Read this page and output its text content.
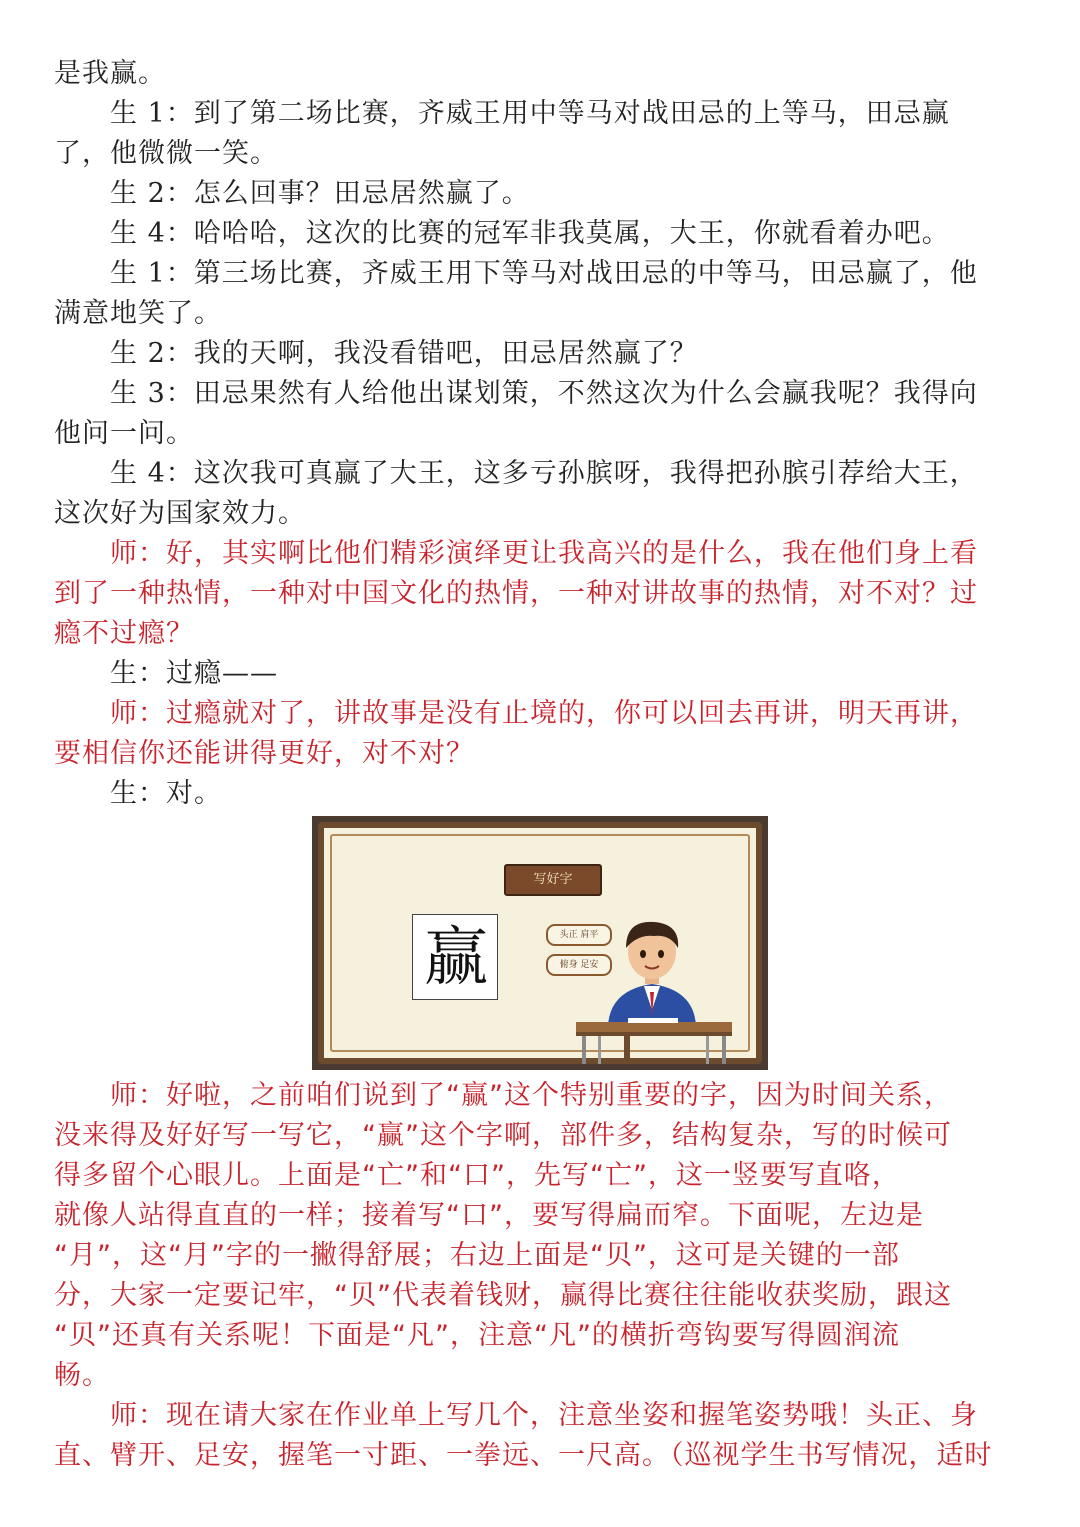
是我赢。
生 1：到了第二场比赛，齐威王用中等马对战田忌的上等马，田忌赢
了，他微微一笑。
生 2：怎么回事？田忌居然赢了。
生 4：哈哈哈，这次的比赛的冠军非我莫属，大王，你就看着办吧。
生 1：第三场比赛，齐威王用下等马对战田忌的中等马，田忌赢了，他
满意地笑了。
生 2：我的天啊，我没看错吧，田忌居然赢了？
生 3：田忌果然有人给他出谋划策，不然这次为什么会赢我呢？我得向
他问一问。
生 4：这次我可真赢了大王，这多亏孙膑呀，我得把孙膑引荐给大王，
这次好为国家效力。
师：好，其实啊比他们精彩演绎更让我高兴的是什么，我在他们身上看
到了一种热情，一种对中国文化的热情，一种对讲故事的热情，对不对？过
瘾不过瘾？
生：过瘾——
师：过瘾就对了，讲故事是没有止境的，你可以回去再讲，明天再讲，
要相信你还能讲得更好，对不对？
生：对。
写好字
赢	头正 肩平
俯身 足安
师：好啦，之前咱们说到了“赢”这个特别重要的字，因为时间关系，
没来得及好好写一写它，“赢”这个字啊，部件多，结构复杂，写的时候可
得多留个心眼儿。上面是“亡”和“口”，先写“亡”，这一竖要写直咯，
就像人站得直直的一样；接着写“口”，要写得扁而窄。下面呢，左边是
“月”，这“月”字的一撇得舒展；右边上面是“贝”，这可是关键的一部
分，大家一定要记牢，“贝”代表着钱财，赢得比赛往往能收获奖励，跟这
“贝”还真有关系呢！下面是“凡”，注意“凡”的横折弯钩要写得圆润流
畅。
师：现在请大家在作业单上写几个，注意坐姿和握笔姿势哦！头正、身
直、臂开、足安，握笔一寸距、一拳远、一尺高。（巡视学生书写情况，适时
